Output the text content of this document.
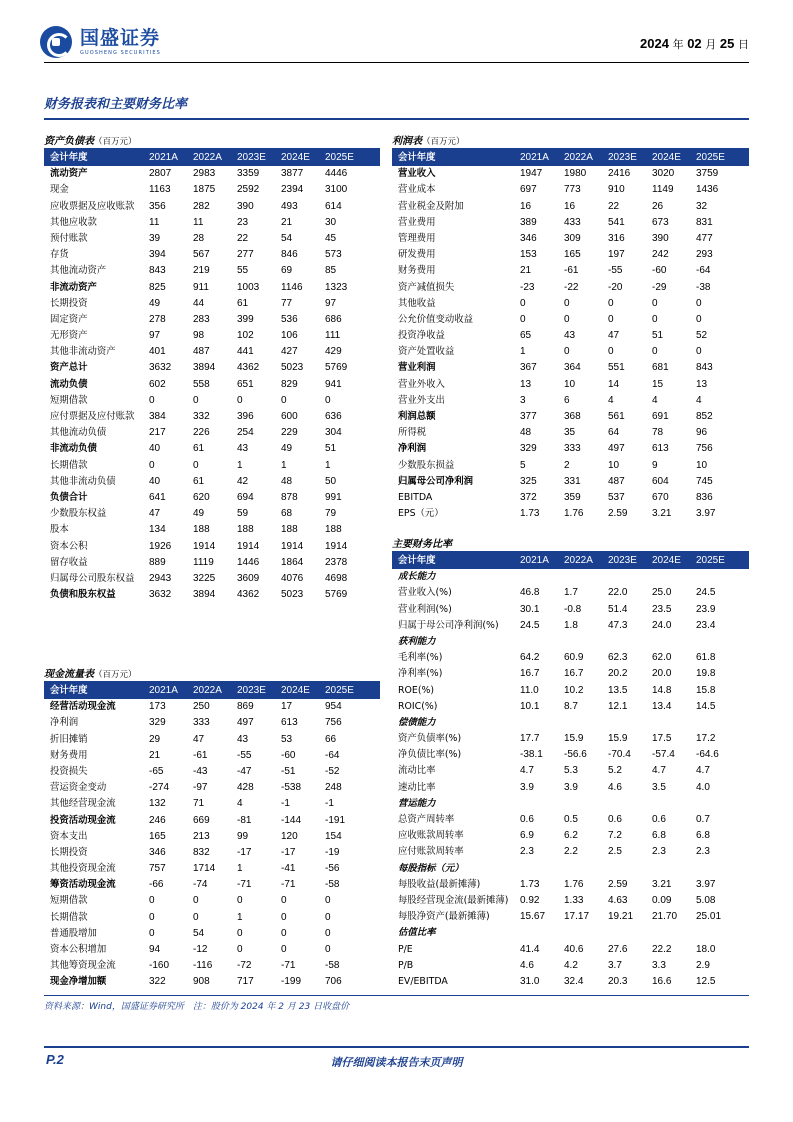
国盛证券
GUOSHENG SECURITIES
2024 年 02 月 25 日
财务报表和主要财务比率
资产负债表（百万元）
会计年度	2021A	2022A	2023E	2024E	2025E
流动资产	2807	2983	3359	3877	4446
现金	1163	1875	2592	2394	3100
应收票据及应收账款	356	282	390	493	614
其他应收款	11	11	23	21	30
预付账款	39	28	22	54	45
存货	394	567	277	846	573
其他流动资产	843	219	55	69	85
非流动资产	825	911	1003	1146	1323
长期投资	49	44	61	77	97
固定资产	278	283	399	536	686
无形资产	97	98	102	106	111
其他非流动资产	401	487	441	427	429
资产总计	3632	3894	4362	5023	5769
流动负债	602	558	651	829	941
短期借款	0	0	0	0	0
应付票据及应付账款	384	332	396	600	636
其他流动负债	217	226	254	229	304
非流动负债	40	61	43	49	51
长期借款	0	0	1	1	1
其他非流动负债	40	61	42	48	50
负债合计	641	620	694	878	991
少数股东权益	47	49	59	68	79
股本	134	188	188	188	188
资本公积	1926	1914	1914	1914	1914
留存收益	889	1119	1446	1864	2378
归属母公司股东权益	2943	3225	3609	4076	4698
负债和股东权益	3632	3894	4362	5023	5769
现金流量表（百万元）
会计年度	2021A	2022A	2023E	2024E	2025E
经营活动现金流	173	250	869	17	954
净利润	329	333	497	613	756
折旧摊销	29	47	43	53	66
财务费用	21	-61	-55	-60	-64
投资损失	-65	-43	-47	-51	-52
营运资金变动	-274	-97	428	-538	248
其他经营现金流	132	71	4	-1	-1
投资活动现金流	246	669	-81	-144	-191
资本支出	165	213	99	120	154
长期投资	346	832	-17	-17	-19
其他投资现金流	757	1714	1	-41	-56
筹资活动现金流	-66	-74	-71	-71	-58
短期借款	0	0	0	0	0
长期借款	0	0	1	0	0
普通股增加	0	54	0	0	0
资本公积增加	94	-12	0	0	0
其他筹资现金流	-160	-116	-72	-71	-58
现金净增加额	322	908	717	-199	706
利润表（百万元）
会计年度	2021A	2022A	2023E	2024E	2025E
营业收入	1947	1980	2416	3020	3759
营业成本	697	773	910	1149	1436
营业税金及附加	16	16	22	26	32
营业费用	389	433	541	673	831
管理费用	346	309	316	390	477
研发费用	153	165	197	242	293
财务费用	21	-61	-55	-60	-64
资产减值损失	-23	-22	-20	-29	-38
其他收益	0	0	0	0	0
公允价值变动收益	0	0	0	0	0
投资净收益	65	43	47	51	52
资产处置收益	1	0	0	0	0
营业利润	367	364	551	681	843
营业外收入	13	10	14	15	13
营业外支出	3	6	4	4	4
利润总额	377	368	561	691	852
所得税	48	35	64	78	96
净利润	329	333	497	613	756
少数股东损益	5	2	10	9	10
归属母公司净利润	325	331	487	604	745
EBITDA	372	359	537	670	836
EPS（元）	1.73	1.76	2.59	3.21	3.97
主要财务比率
会计年度	2021A	2022A	2023E	2024E	2025E
成长能力
营业收入(%)	46.8	1.7	22.0	25.0	24.5
营业利润(%)	30.1	-0.8	51.4	23.5	23.9
归属于母公司净利润(%)	24.5	1.8	47.3	24.0	23.4
获利能力
毛利率(%)	64.2	60.9	62.3	62.0	61.8
净利率(%)	16.7	16.7	20.2	20.0	19.8
ROE(%)	11.0	10.2	13.5	14.8	15.8
ROIC(%)	10.1	8.7	12.1	13.4	14.5
偿债能力
资产负债率(%)	17.7	15.9	15.9	17.5	17.2
净负债比率(%)	-38.1	-56.6	-70.4	-57.4	-64.6
流动比率	4.7	5.3	5.2	4.7	4.7
速动比率	3.9	3.9	4.6	3.5	4.0
营运能力
总资产周转率	0.6	0.5	0.6	0.6	0.7
应收账款周转率	6.9	6.2	7.2	6.8	6.8
应付账款周转率	2.3	2.2	2.5	2.3	2.3
每股指标（元）
每股收益(最新摊薄)	1.73	1.76	2.59	3.21	3.97
每股经营现金流(最新摊薄)	0.92	1.33	4.63	0.09	5.08
每股净资产(最新摊薄)	15.67	17.17	19.21	21.70	25.01
估值比率
P/E	41.4	40.6	27.6	22.2	18.0
P/B	4.6	4.2	3.7	3.3	2.9
EV/EBITDA	31.0	32.4	20.3	16.6	12.5
资料来源：Wind，国盛证券研究所　注：股价为 2024 年 2 月 23 日收盘价
P.2	请仔细阅读本报告末页声明
